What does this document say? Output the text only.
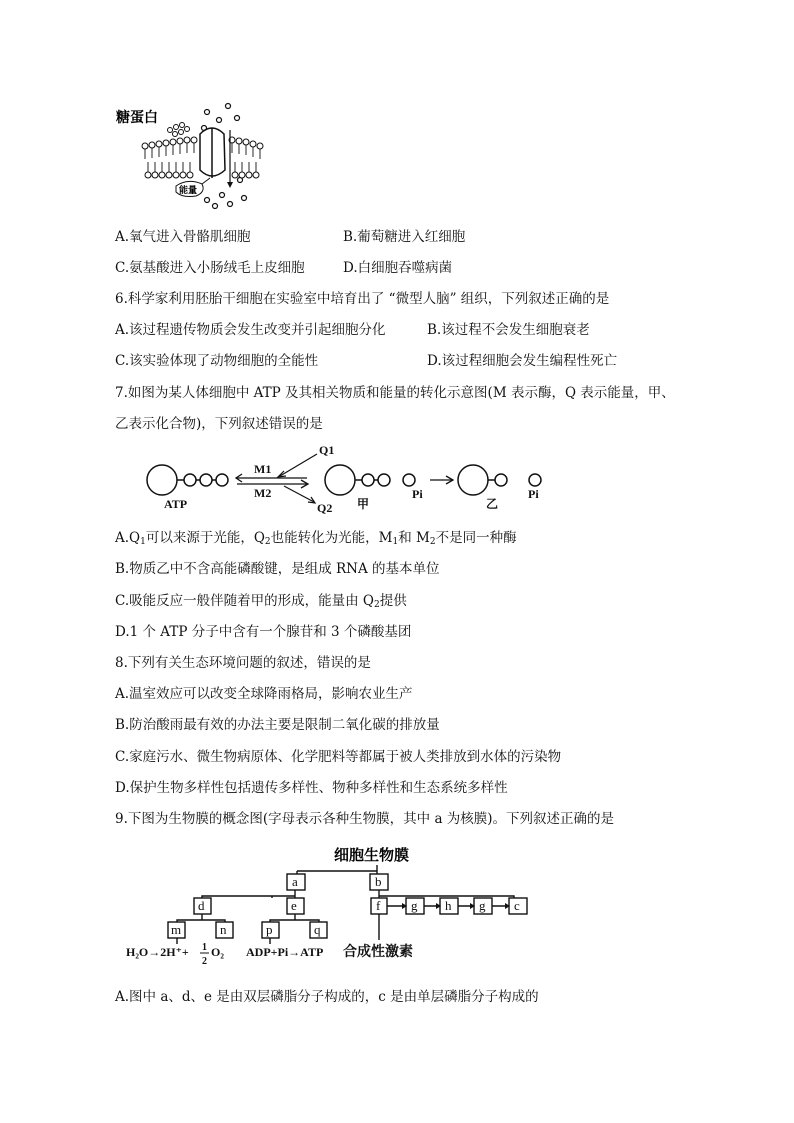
糖蛋白
能量
A.氧气进入骨骼肌细胞	B.葡萄糖进入红细胞
C.氨基酸进入小肠绒毛上皮细胞	D.白细胞吞噬病菌
6.科学家利用胚胎干细胞在实验室中培育出了 “微型人脑” 组织，下列叙述正确的是
A.该过程遗传物质会发生改变并引起细胞分化	B.该过程不会发生细胞衰老
C.该实验体现了动物细胞的全能性	D.该过程细胞会发生编程性死亡
7.如图为某人体细胞中 ATP 及其相关物质和能量的转化示意图(M 表示酶，Q 表示能量，甲、
乙表示化合物)，下列叙述错误的是
ATP
M1
M2
Q1
Q2 甲
Pi
乙
Pi
$A.Q_1$可以来源于光能，$Q_2$也能转化为光能，$M_1$和 $M_2$不是同一种酶
B.物质乙中不含高能磷酸键，是组成 RNA 的基本单位
C.吸能反应一般伴随着甲的形成，能量由 $Q_2$提供
D.1 个 ATP 分子中含有一个腺苷和 3 个磷酸基团
8.下列有关生态环境问题的叙述，错误的是
A.温室效应可以改变全球降雨格局，影响农业生产
B.防治酸雨最有效的办法主要是限制二氧化碳的排放量
C.家庭污水、微生物病原体、化学肥料等都属于被人类排放到水体的污染物
D.保护生物多样性包括遗传多样性、物种多样性和生态系统多样性
9.下图为生物膜的概念图(字母表示各种生物膜，其中 a 为核膜)。下列叙述正确的是
细胞生物膜
a	b
d	e	f g h g c
m	n	p	q
H₂O→2H⁺+ 1
2
O₂ ADP+Pi→ATP 合成性激素
A.图中 a、d、e 是由双层磷脂分子构成的，c 是由单层磷脂分子构成的
